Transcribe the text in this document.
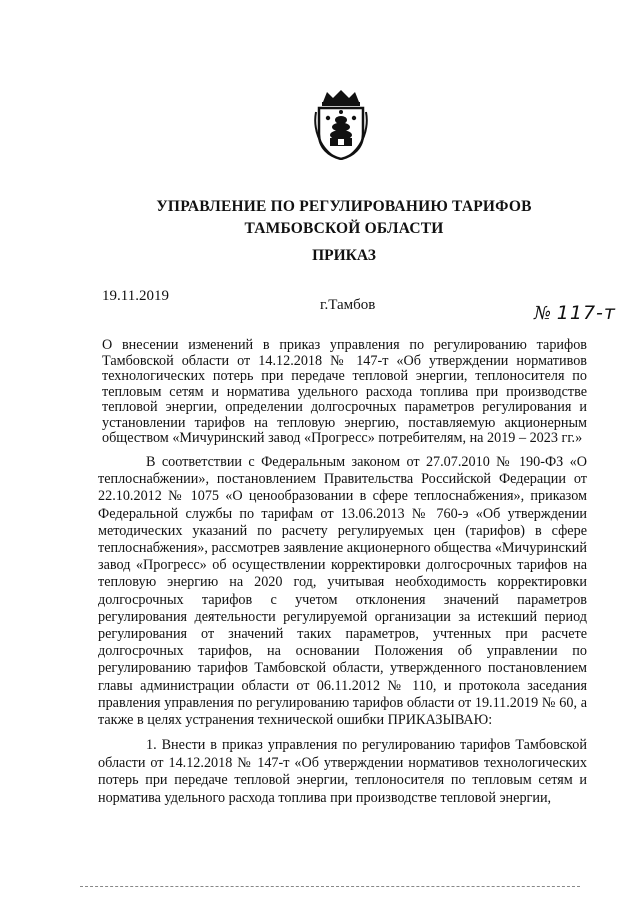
УПРАВЛЕНИЕ ПО РЕГУЛИРОВАНИЮ ТАРИФОВ
ТАМБОВСКОЙ ОБЛАСТИ
ПРИКАЗ
19.11.2019
г.Тамбов	№ 117-т
О внесении изменений в приказ управления по регулированию тарифов Тамбовской области от 14.12.2018 № 147-т «Об утверждении нормативов технологических потерь при передаче тепловой энергии, теплоносителя по тепловым сетям и норматива удельного расхода топлива при производстве тепловой энергии, определении долгосрочных параметров регулирования и установлении тарифов на тепловую энергию, поставляемую акционерным обществом «Мичуринский завод «Прогресс» потребителям, на 2019 – 2023 гг.»

В соответствии с Федеральным законом от 27.07.2010 № 190-ФЗ «О теплоснабжении», постановлением Правительства Российской Федерации от 22.10.2012 № 1075 «О ценообразовании в сфере теплоснабжения», приказом Федеральной службы по тарифам от 13.06.2013 № 760-э «Об утверждении методических указаний по расчету регулируемых цен (тарифов) в сфере теплоснабжения», рассмотрев заявление акционерного общества «Мичуринский завод «Прогресс» об осуществлении корректировки долгосрочных тарифов на тепловую энергию на 2020 год, учитывая необходимость корректировки долгосрочных тарифов с учетом отклонения значений параметров регулирования деятельности регулируемой организации за истекший период регулирования от значений таких параметров, учтенных при расчете долгосрочных тарифов, на основании Положения об управлении по регулированию тарифов Тамбовской области, утвержденного постановлением главы администрации области от 06.11.2012 № 110, и протокола заседания правления управления по регулированию тарифов области от 19.11.2019 № 60, а также в целях устранения технической ошибки ПРИКАЗЫВАЮ:

1. Внести в приказ управления по регулированию тарифов Тамбовской области от 14.12.2018 № 147-т «Об утверждении нормативов технологических потерь при передаче тепловой энергии, теплоносителя по тепловым сетям и норматива удельного расхода топлива при производстве тепловой энергии,
